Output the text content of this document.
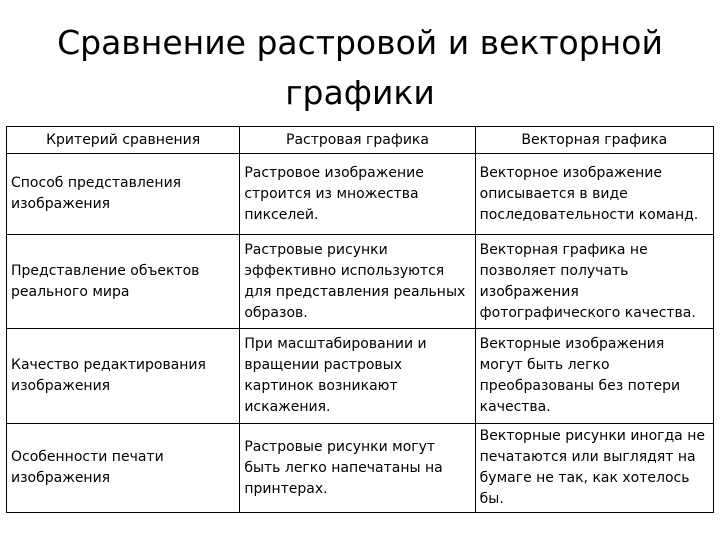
Сравнение растровой и векторной графики
Критерий сравнения	Растровая графика	Векторная графика
Способ представления изображения	Растровое изображение строится из множества пикселей.	Векторное изображение описывается в виде последовательности команд.
Представление объектов реального мира	Растровые рисунки эффективно используются для представления реальных образов.	Векторная графика не позволяет получать изображения фотографического качества.
Качество редактирования изображения	При масштабировании и вращении растровых картинок возникают искажения.	Векторные изображения могут быть легко преобразованы без потери качества.
Особенности печати изображения	Растровые рисунки могут быть легко напечатаны на принтерах.	Векторные рисунки иногда не печатаются или выглядят на бумаге не так, как хотелось бы.
